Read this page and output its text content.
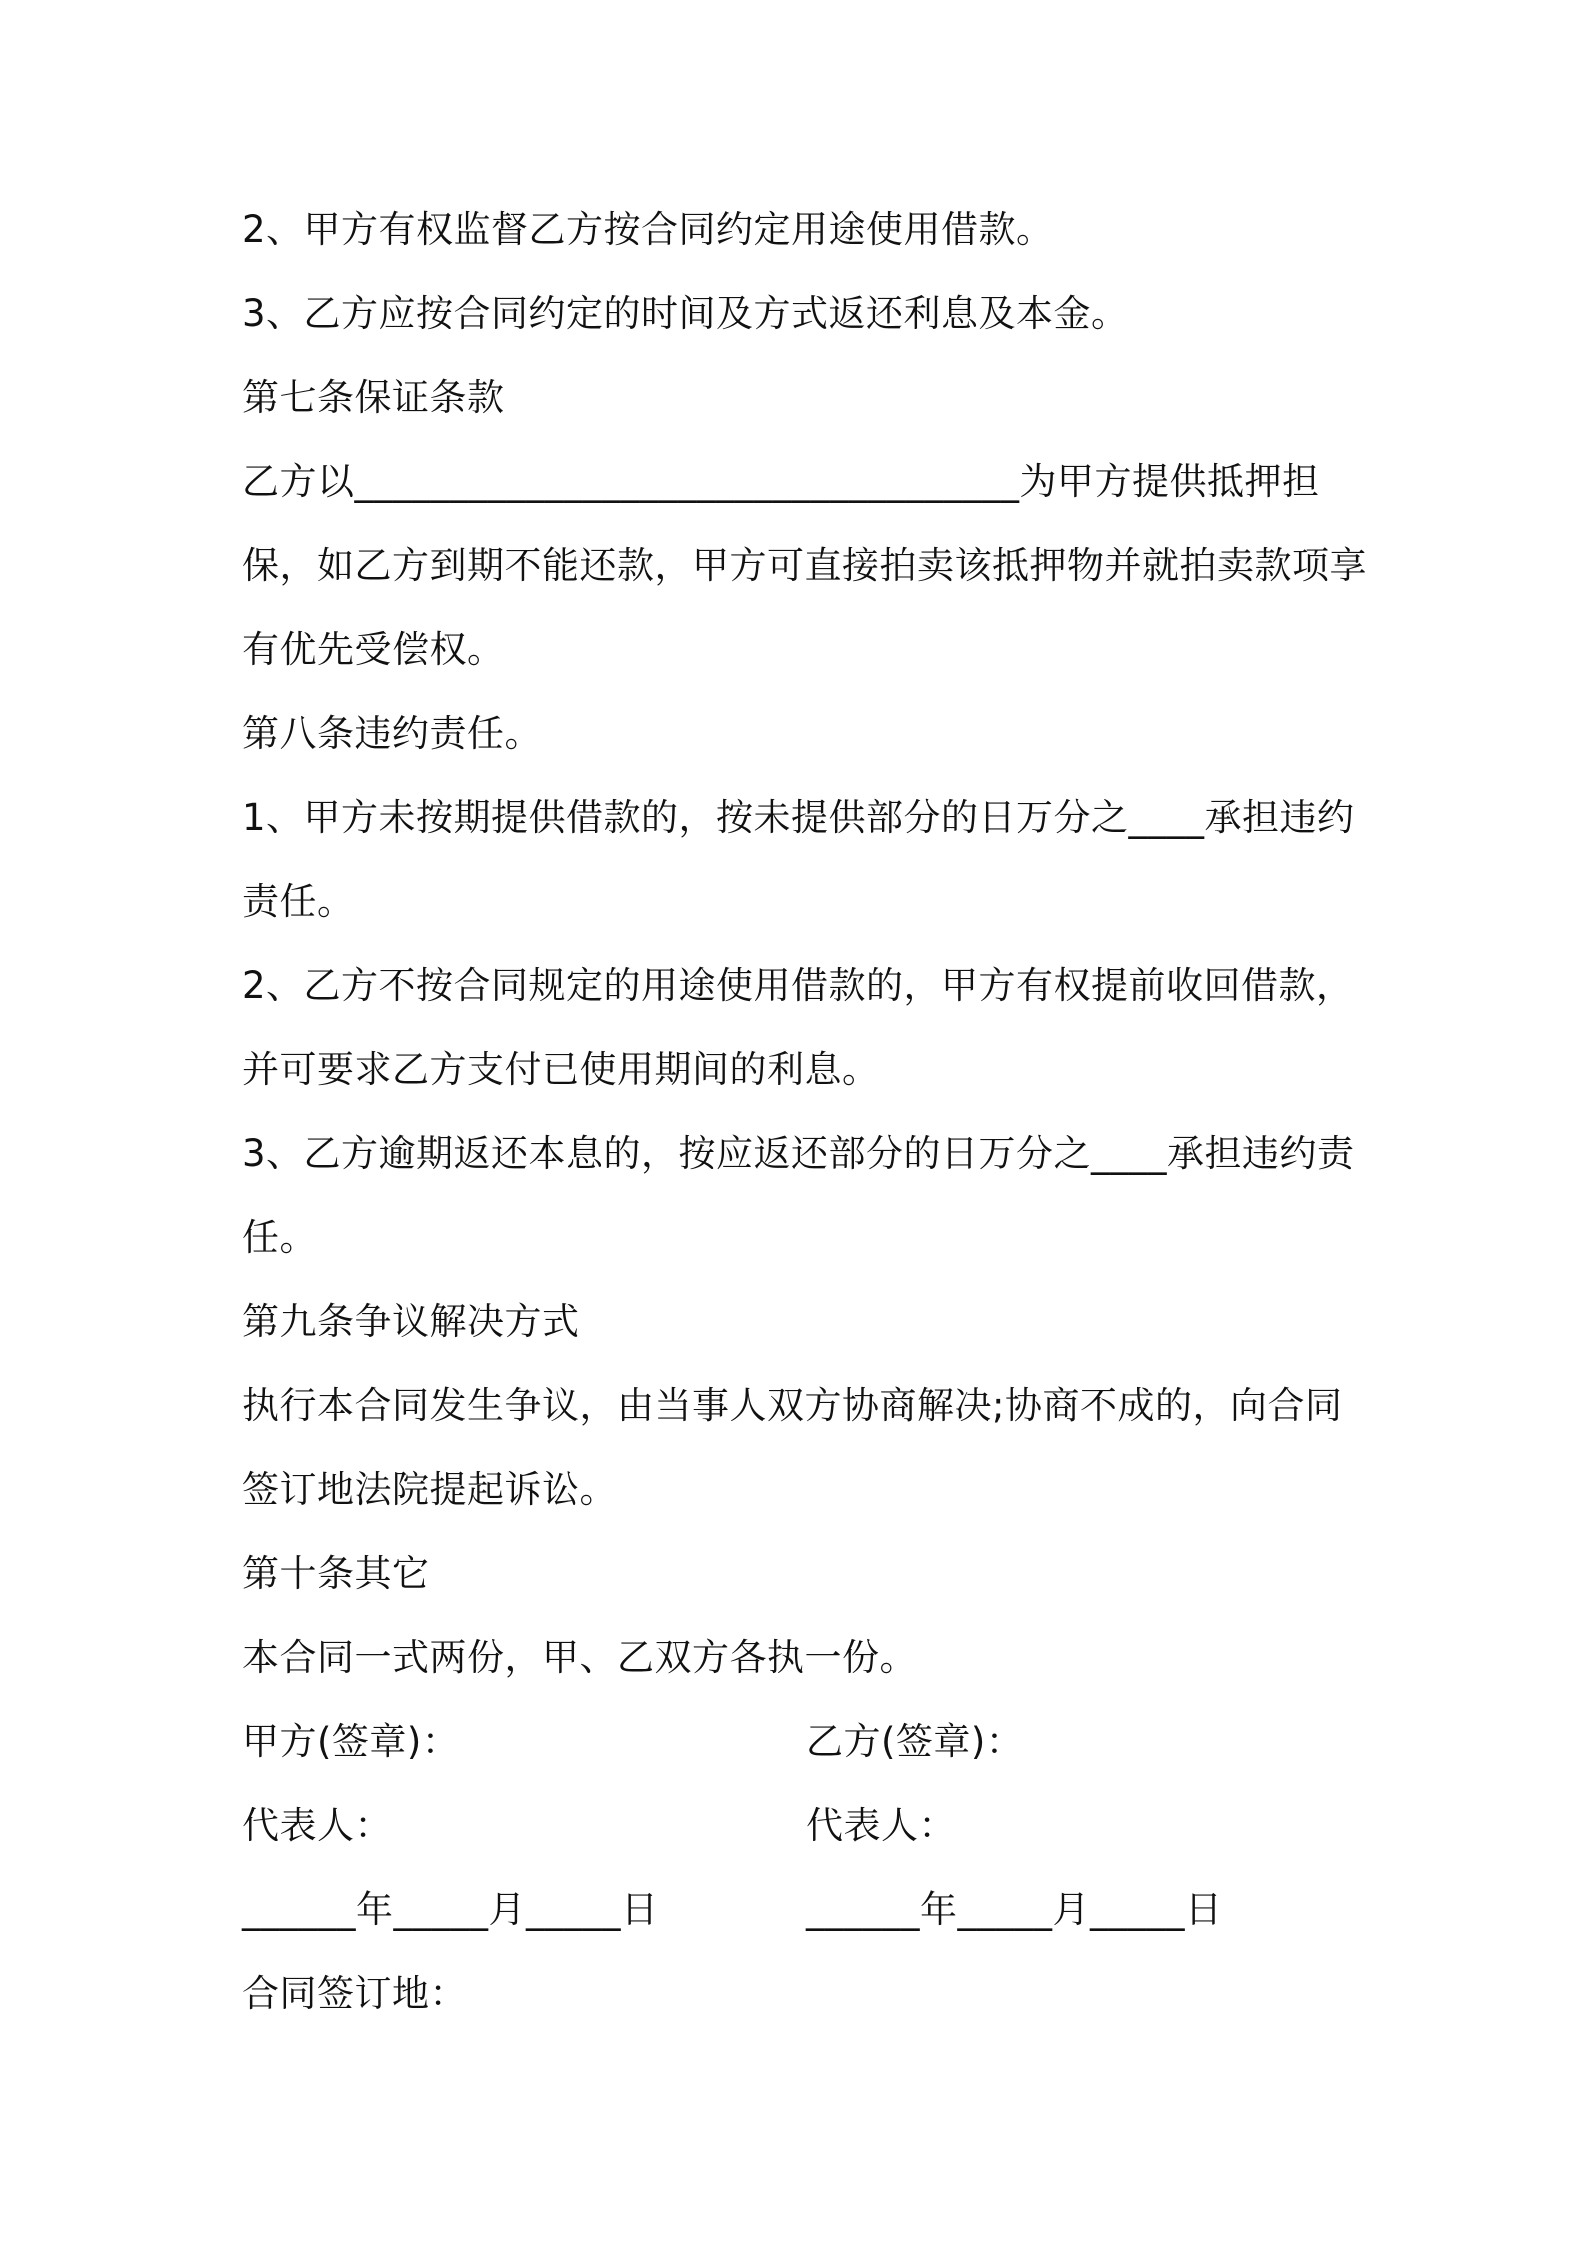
2、甲方有权监督乙方按合同约定用途使用借款。
3、乙方应按合同约定的时间及方式返还利息及本金。
第七条保证条款
乙方以___________________________________为甲方提供抵押担
保，如乙方到期不能还款，甲方可直接拍卖该抵押物并就拍卖款项享
有优先受偿权。
第八条违约责任。
1、甲方未按期提供借款的，按未提供部分的日万分之____承担违约
责任。
2、乙方不按合同规定的用途使用借款的，甲方有权提前收回借款，
并可要求乙方支付已使用期间的利息。
3、乙方逾期返还本息的，按应返还部分的日万分之____承担违约责
任。
第九条争议解决方式
执行本合同发生争议，由当事人双方协商解决;协商不成的，向合同
签订地法院提起诉讼。
第十条其它
本合同一式两份，甲、乙双方各执一份。
甲方(签章)：	乙方(签章)：
代表人：	代表人：
______年_____月_____日	______年_____月_____日
合同签订地：
